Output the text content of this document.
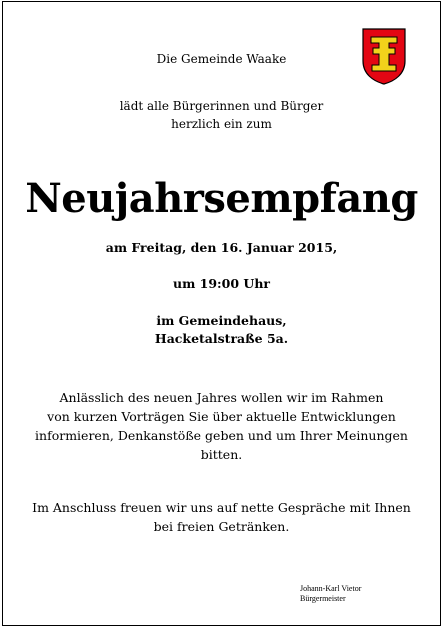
Die Gemeinde Waake
lädt alle Bürgerinnen und Bürger
herzlich ein zum
Neujahrsempfang
am Freitag, den 16. Januar 2015,
um 19:00 Uhr
im Gemeindehaus,
Hacketalstraße 5a.
Anlässlich des neuen Jahres wollen wir im Rahmen
von kurzen Vorträgen Sie über aktuelle Entwicklungen
informieren, Denkanstöße geben und um Ihrer Meinungen
bitten.
Im Anschluss freuen wir uns auf nette Gespräche mit Ihnen
bei freien Getränken.
Johann-Karl Vietor
Bürgermeister
